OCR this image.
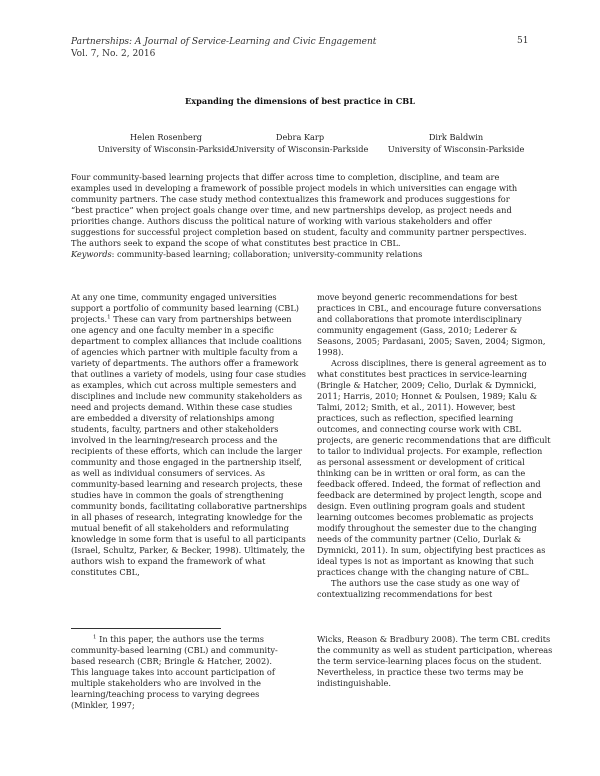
Partnerships: A Journal of Service-Learning and Civic Engagement
Vol. 7, No. 2, 2016
51
Expanding the dimensions of best practice in CBL
Helen Rosenberg
University of Wisconsin-Parkside
Debra Karp
University of Wisconsin-Parkside
Dirk Baldwin
University of Wisconsin-Parkside

Four community-based learning projects that differ across time to completion, discipline, and team are examples used in developing a framework of possible project models in which universities can engage with community partners. The case study method contextualizes this framework and produces suggestions for “best practice” when project goals change over time, and new partnerships develop, as project needs and priorities change. Authors discuss the political nature of working with various stakeholders and offer suggestions for successful project completion based on student, faculty and community partner perspectives. The authors seek to expand the scope of what constitutes best practice in CBL.

Keywords: community-based learning; collaboration; university-community relations

At any one time, community engaged universities support a portfolio of community based learning (CBL) projects.$^1$ These can vary from partnerships between one agency and one faculty member in a specific department to complex alliances that include coalitions of agencies which partner with multiple faculty from a variety of departments. The authors offer a framework that outlines a variety of models, using four case studies as examples, which cut across multiple semesters and disciplines and include new community stakeholders as need and projects demand. Within these case studies are embedded a diversity of relationships among students, faculty, partners and other stakeholders involved in the learning/research process and the recipients of these efforts, which can include the larger community and those engaged in the partnership itself, as well as individual consumers of services. As community-based learning and research projects, these studies have in common the goals of strengthening community bonds, facilitating collaborative partnerships in all phases of research, integrating knowledge for the mutual benefit of all stakeholders and reformulating knowledge in some form that is useful to all participants (Israel, Schultz, Parker, & Becker, 1998). Ultimately, the authors wish to expand the framework of what constitutes CBL,

move beyond generic recommendations for best practices in CBL, and encourage future conversations and collaborations that promote interdisciplinary community engagement (Gass, 2010; Lederer & Seasons, 2005; Pardasani, 2005; Saven, 2004; Sigmon, 1998).

Across disciplines, there is general agreement as to what constitutes best practices in service-learning (Bringle & Hatcher, 2009; Celio, Durlak & Dymnicki, 2011; Harris, 2010; Honnet & Poulsen, 1989; Kalu & Talmi, 2012; Smith, et al., 2011). However, best practices, such as reflection, specified learning outcomes, and connecting course work with CBL projects, are generic recommendations that are difficult to tailor to individual projects. For example, reflection as personal assessment or development of critical thinking can be in written or oral form, as can the feedback offered. Indeed, the format of reflection and feedback are determined by project length, scope and design. Even outlining program goals and student learning outcomes becomes problematic as projects modify throughout the semester due to the changing needs of the community partner (Celio, Durlak & Dymnicki, 2011). In sum, objectifying best practices as ideal types is not as important as knowing that such practices change with the changing nature of CBL.

The authors use the case study as one way of contextualizing recommendations for best

$^1$ In this paper, the authors use the terms community-based learning (CBL) and community-based research (CBR; Bringle & Hatcher, 2002). This language takes into account participation of multiple stakeholders who are involved in the learning/teaching process to varying degrees (Minkler, 1997;

Wicks, Reason & Bradbury 2008). The term CBL credits the community as well as student participation, whereas the term service-learning places focus on the student. Nevertheless, in practice these two terms may be indistinguishable.
